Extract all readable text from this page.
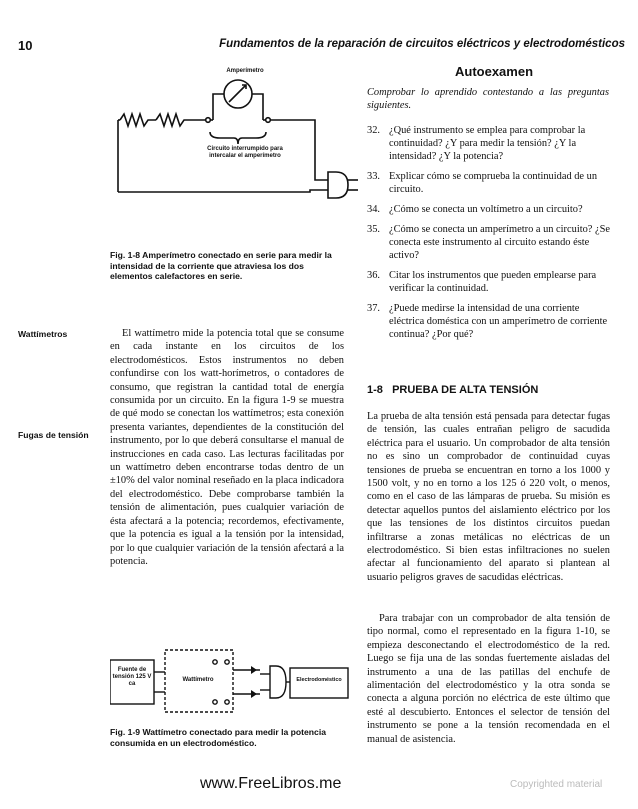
10	Fundamentos de la reparación de circuitos eléctricos y electrodomésticos
Amperímetro
Circuito interrumpido para intercalar el amperímetro
Fig. 1-8 Amperímetro conectado en serie para medir la intensidad de la corriente que atraviesa los dos elementos calefactores en serie.
Autoexamen
Comprobar lo aprendido contestando a las preguntas siguientes.
32. ¿Qué instrumento se emplea para comprobar la continuidad? ¿Y para medir la tensión? ¿Y la intensidad? ¿Y la potencia?
33. Explicar cómo se comprueba la continuidad de un circuito.
34. ¿Cómo se conecta un voltímetro a un circuito?
35. ¿Cómo se conecta un amperímetro a un circuito? ¿Se conecta este instrumento al circuito estando éste activo?
36. Citar los instrumentos que pueden emplearse para verificar la continuidad.
37. ¿Puede medirse la intensidad de una corriente eléctrica doméstica con un amperímetro de corriente continua? ¿Por qué?
Wattímetros
Fugas de tensión
El wattímetro mide la potencia total que se consume en cada instante en los circuitos de los electrodomésticos. Estos instrumentos no deben confundirse con los watt-horímetros, o contadores de consumo, que registran la cantidad total de energía consumida por un circuito. En la figura 1-9 se muestra de qué modo se conectan los wattímetros; esta conexión presenta variantes, dependientes de la constitución del instrumento, por lo que deberá consultarse el manual de instrucciones en cada caso. Las lecturas facilitadas por un wattímetro deben encontrarse todas dentro de un ±10% del valor nominal reseñado en la placa indicadora del electrodoméstico. Debe comprobarse también la tensión de alimentación, pues cualquier variación de ésta afectará a la potencia; recordemos, efectivamente, que la potencia es igual a la tensión por la intensidad, por lo que cualquier variación de la tensión afectará a la potencia.
Fuente de tensión 125 V ca
Wattímetro	Electrodoméstico
Fig. 1-9 Wattímetro conectado para medir la potencia consumida en un electrodoméstico.
1-8   PRUEBA DE ALTA TENSIÓN
La prueba de alta tensión está pensada para detectar fugas de tensión, las cuales entrañan peligro de sacudida eléctrica para el usuario. Un comprobador de alta tensión no es sino un comprobador de continuidad cuyas tensiones de prueba se encuentran en torno a los 1000 y 1500 volt, y no en torno a los 125 ó 220 volt, o menos, como en el caso de las lámparas de prueba. Su misión es detectar aquellos puntos del aislamiento eléctrico por los que las tensiones de los distintos circuitos puedan infiltrarse a zonas metálicas no eléctricas de un electrodoméstico. Si bien estas infiltraciones no suelen afectar al funcionamiento del aparato si plantean al usuario peligros graves de sacudidas eléctricas.
Para trabajar con un comprobador de alta tensión de tipo normal, como el representado en la figura 1-10, se empieza desconectando el electrodoméstico de la red. Luego se fija una de las sondas fuertemente aisladas del instrumento a una de las patillas del enchufe de alimentación del electrodoméstico y la otra sonda se conecta a alguna porción no eléctrica de este último que esté al descubierto. Entonces el selector de tensión del instrumento se pone a la tensión recomendada en el manual de asistencia.
www.FreeLibros.me	Copyrighted material
